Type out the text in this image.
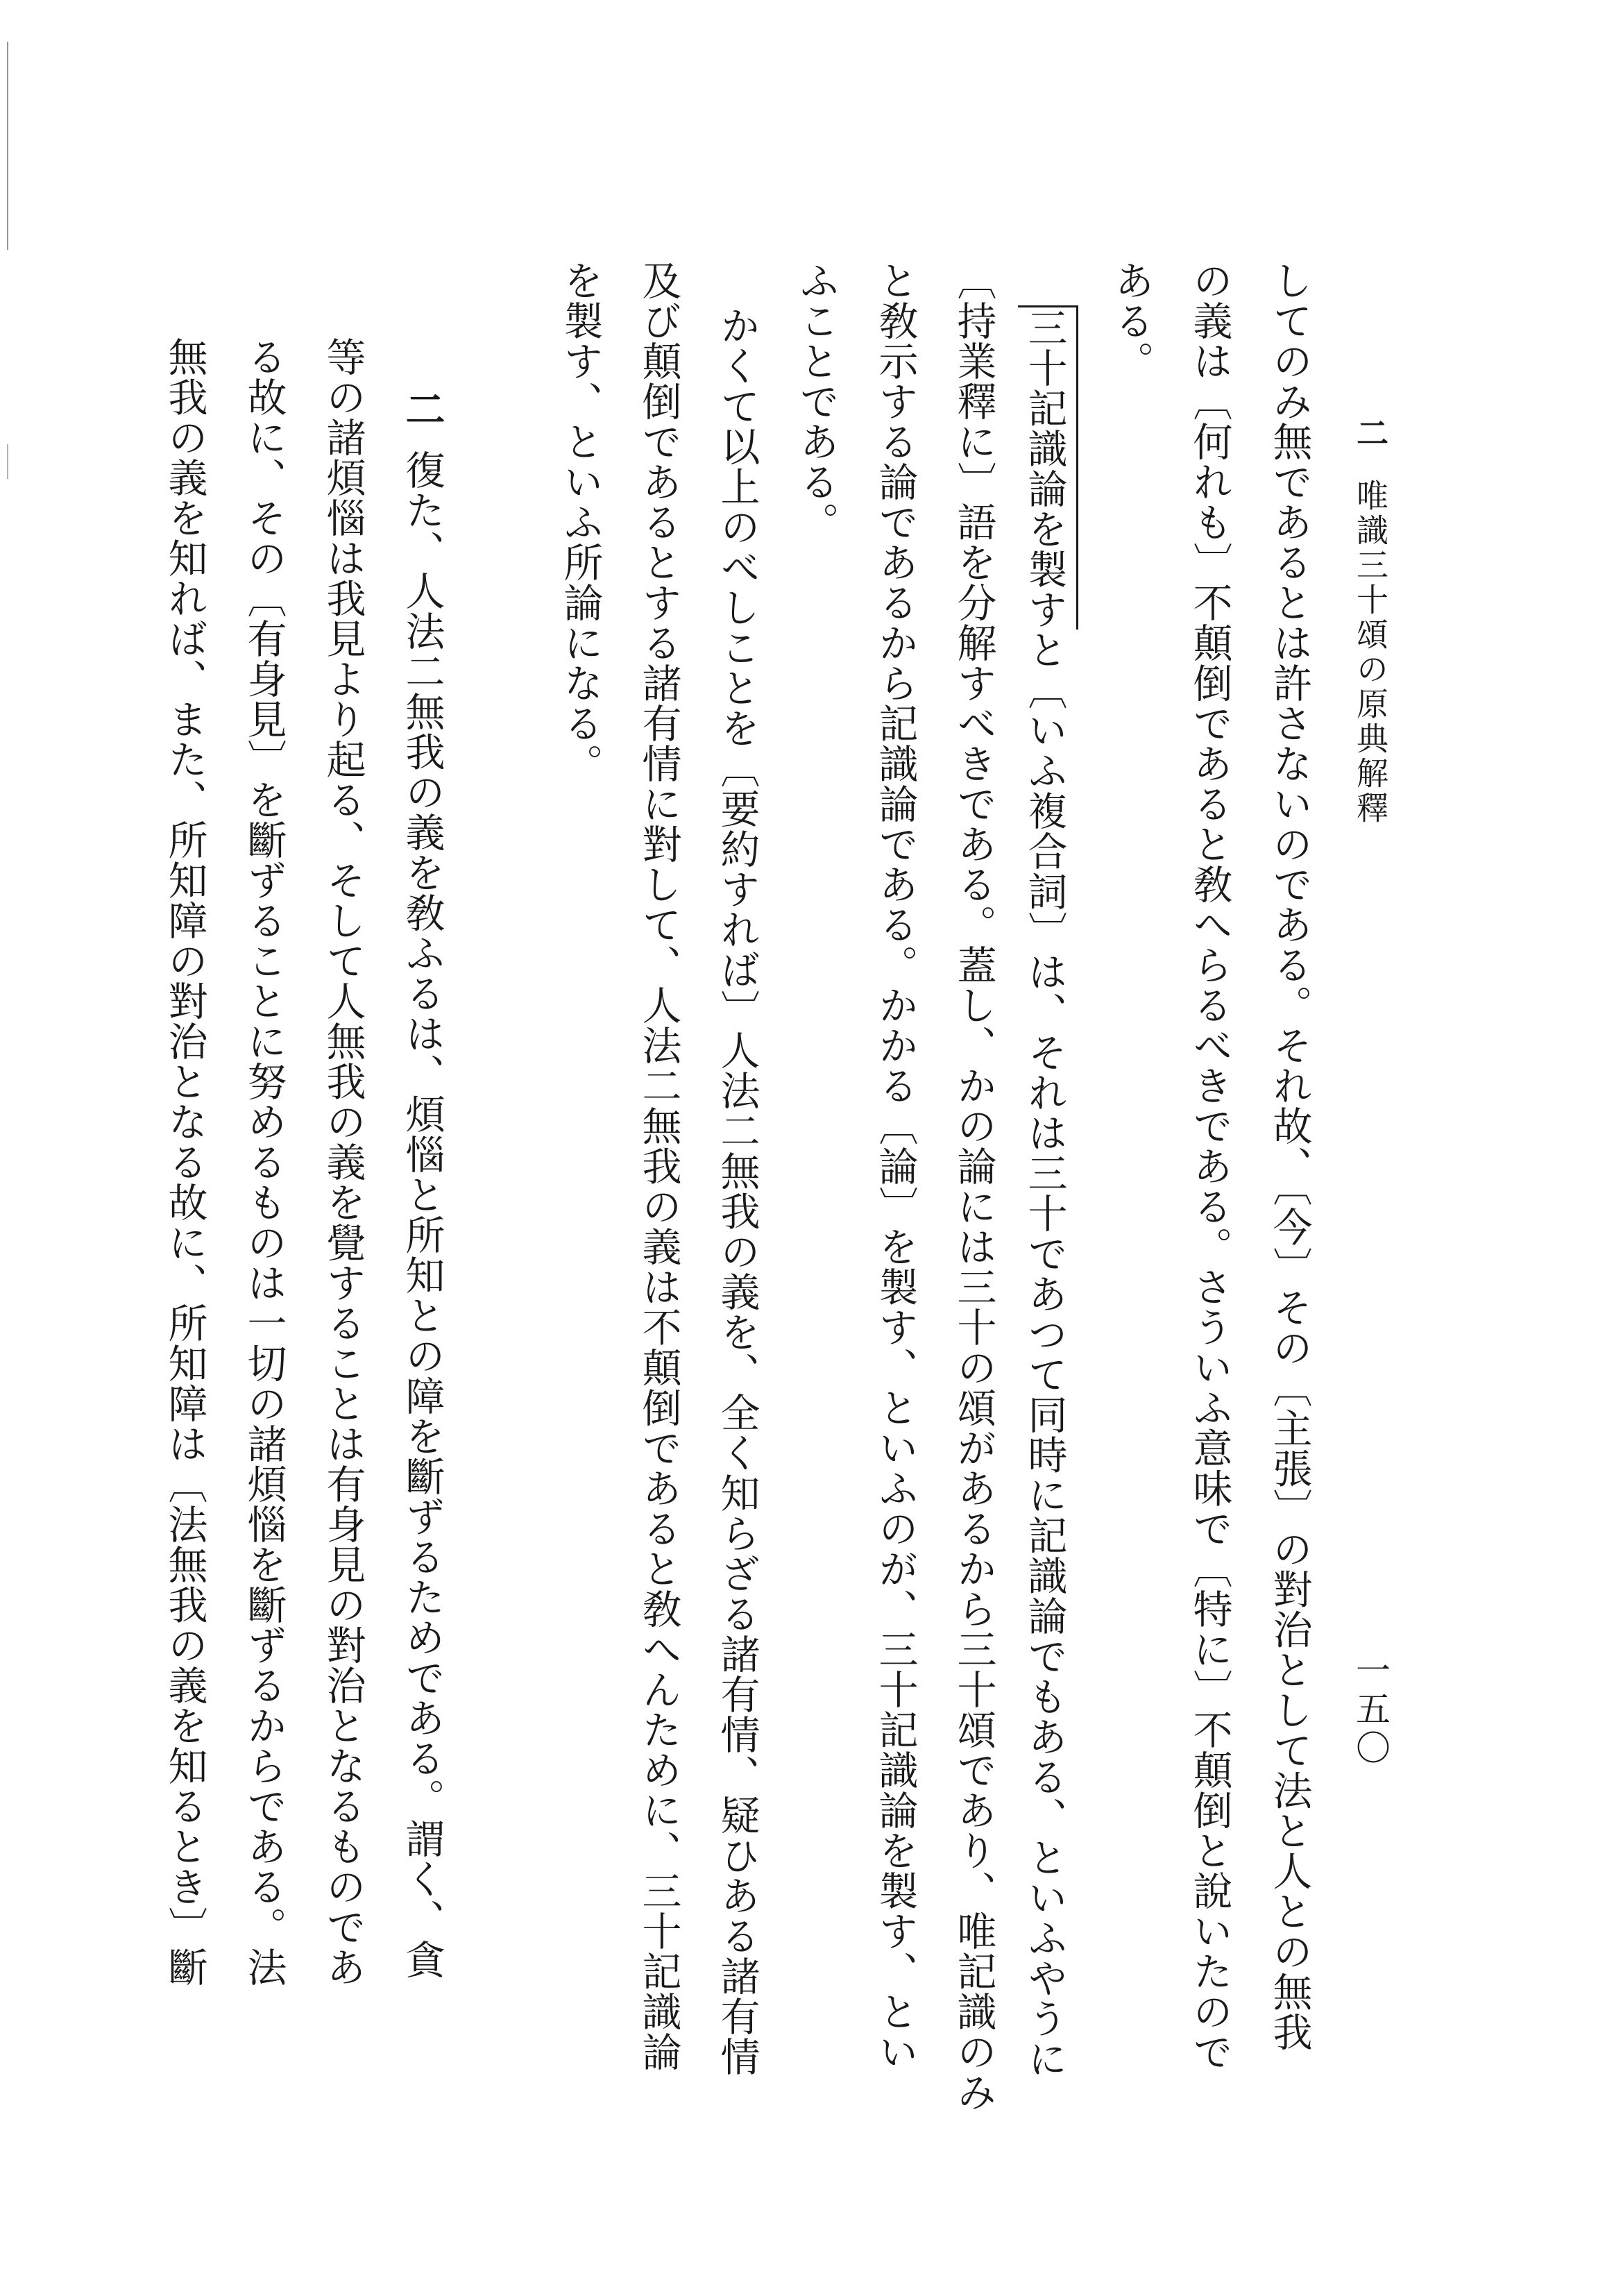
二唯識三十頌の原典解釋
一五〇
してのみ無であるとは許さないのである。それ故、〔今〕その〔主張〕の對治として法と人との無我
の義は〔何れも〕不顛倒であると敎へらるべきである。さういふ意味で〔特に〕不顛倒と說いたので
ある。
三十記識論を製すと〔いふ複合詞〕は、それは三十であつて同時に記識論でもある、といふやうに
〔持業釋に〕語を分解すべきである。蓋し、かの論には三十の頌があるから三十頌であり、唯記識のみ
と敎示する論であるから記識論である。かかる〔論〕を製す、といふのが、三十記識論を製す、とい
ふことである。
かくて以上のべしことを〔要約すれば〕人法二無我の義を、全く知らざる諸有情、疑ひある諸有情
及び顛倒であるとする諸有情に對して、人法二無我の義は不顛倒であると敎へんために、三十記識論
を製す、といふ所論になる。
二復た、人法二無我の義を敎ふるは、煩惱と所知との障を斷ずるためである。謂く、貪
等の諸煩惱は我見より起る、そして人無我の義を覺することは有身見の對治となるものであ
る故に、その〔有身見〕を斷ずることに努めるものは一切の諸煩惱を斷ずるからである。法
無我の義を知れば、また、所知障の對治となる故に、所知障は〔法無我の義を知るとき〕斷
